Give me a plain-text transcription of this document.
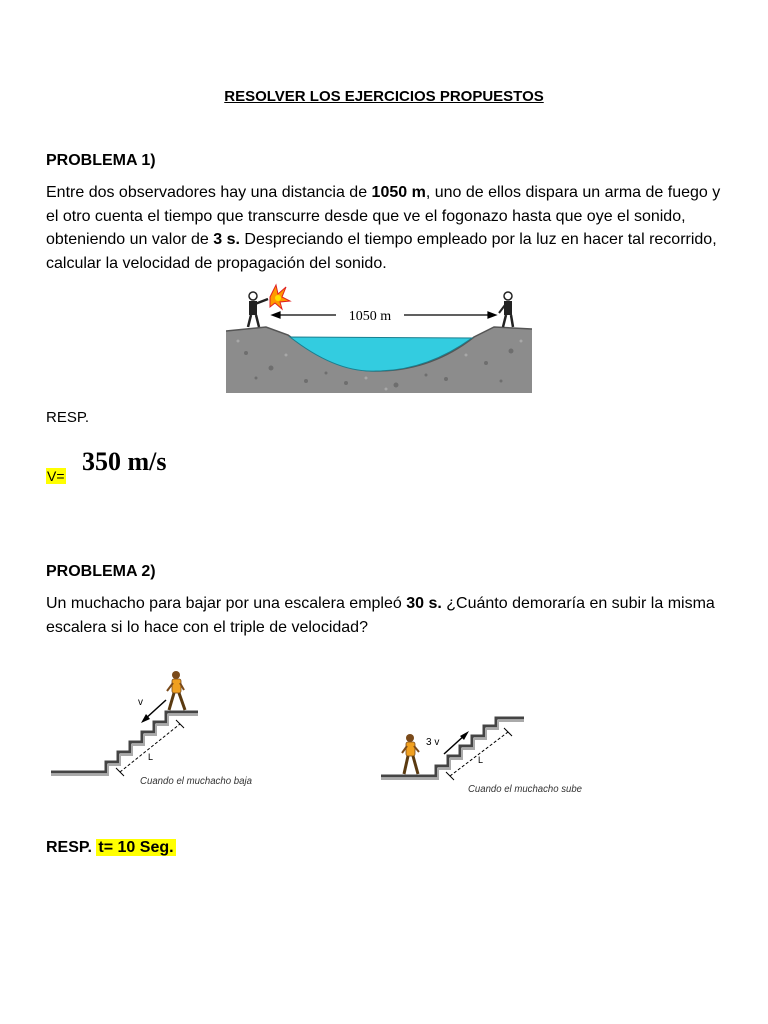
RESOLVER LOS EJERCICIOS PROPUESTOS
PROBLEMA 1)
Entre dos observadores hay una distancia de 1050 m, uno de ellos dispara un arma de fuego y el otro cuenta el tiempo que transcurre desde que ve el fogonazo hasta que oye el sonido, obteniendo un valor de 3 s. Despreciando el tiempo empleado por la luz en hacer tal recorrido, calcular la velocidad de propagación del sonido.
1050 m
RESP.
V= 350 m/s
PROBLEMA 2)
Un muchacho para bajar por una escalera empleó 30 s. ¿Cuánto demoraría en subir la misma escalera si lo hace con el triple de velocidad?
L
v
Cuando el muchacho baja
L
3 v
Cuando el muchacho sube
RESP. t= 10 Seg.
